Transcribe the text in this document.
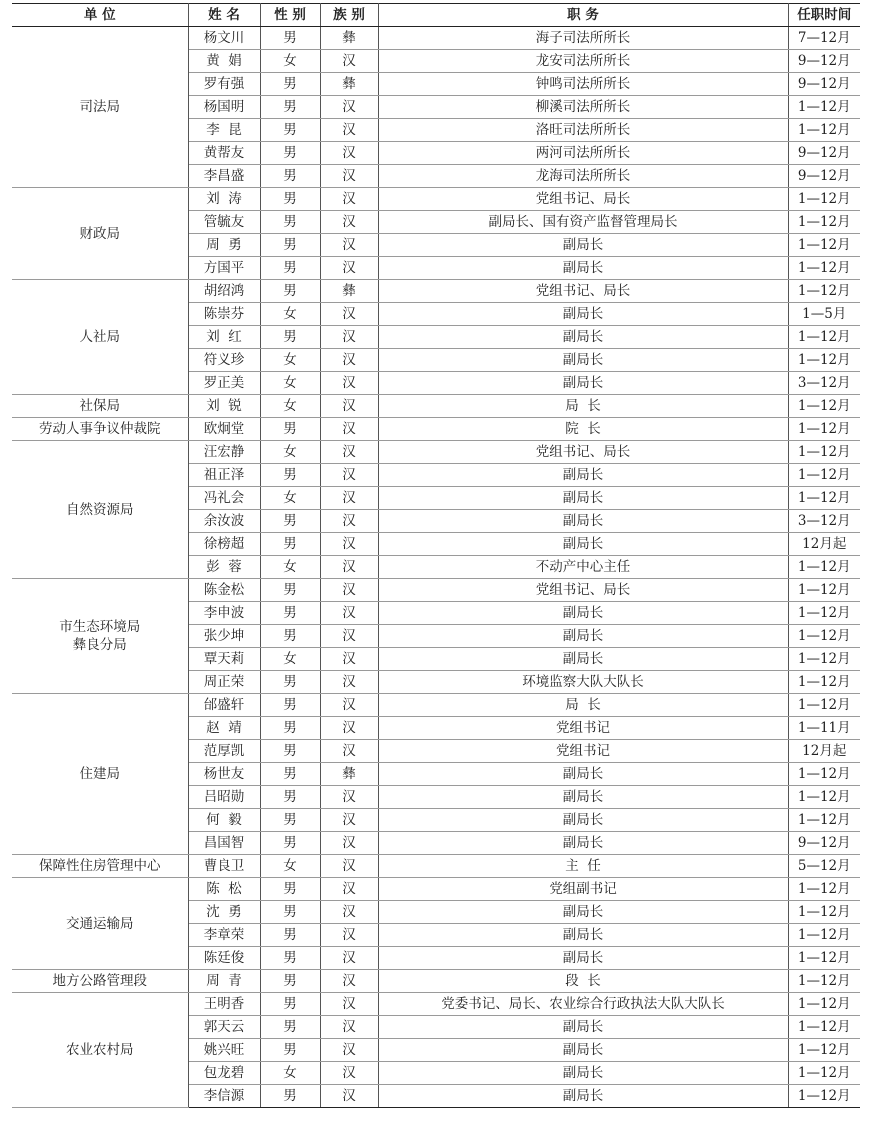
单 位	姓 名	性 别	族 别	职 务	任职时间

司法局	杨文川	男	彝	海子司法所所长	7—12月
	黄  娟	女	汉	龙安司法所所长	9—12月
	罗有强	男	彝	钟鸣司法所所长	9—12月
	杨国明	男	汉	柳溪司法所所长	1—12月
	李  昆	男	汉	洛旺司法所所长	1—12月
	黄帮友	男	汉	两河司法所所长	9—12月
	李昌盛	男	汉	龙海司法所所长	9—12月

财政局	刘  涛	男	汉	党组书记、局长	1—12月
	管毓友	男	汉	副局长、国有资产监督管理局长	1—12月
	周  勇	男	汉	副局长	1—12月
	方国平	男	汉	副局长	1—12月

人社局	胡绍鸿	男	彝	党组书记、局长	1—12月
	陈崇芬	女	汉	副局长	1—5月
	刘  红	男	汉	副局长	1—12月
	符义珍	女	汉	副局长	1—12月
	罗正美	女	汉	副局长	3—12月

社保局	刘  锐	女	汉	局  长	1—12月

劳动人事争议仲裁院	欧炯堂	男	汉	院  长	1—12月

自然资源局	汪宏静	女	汉	党组书记、局长	1—12月
	祖正泽	男	汉	副局长	1—12月
	冯礼会	女	汉	副局长	1—12月
	余汝波	男	汉	副局长	3—12月
	徐榜超	男	汉	副局长	12月起
	彭  蓉	女	汉	不动产中心主任	1—12月

市生态环境局
彝良分局	陈金松	男	汉	党组书记、局长	1—12月
	李申波	男	汉	副局长	1—12月
	张少坤	男	汉	副局长	1—12月
	覃天莉	女	汉	副局长	1—12月
	周正荣	男	汉	环境监察大队大队长	1—12月

住建局	邰盛轩	男	汉	局  长	1—12月
	赵  靖	男	汉	党组书记	1—11月
	范厚凯	男	汉	党组书记	12月起
	杨世友	男	彝	副局长	1—12月
	吕昭勋	男	汉	副局长	1—12月
	何  毅	男	汉	副局长	1—12月
	昌国智	男	汉	副局长	9—12月

保障性住房管理中心	曹良卫	女	汉	主  任	5—12月

交通运输局	陈  松	男	汉	党组副书记	1—12月
	沈  勇	男	汉	副局长	1—12月
	李章荣	男	汉	副局长	1—12月
	陈廷俊	男	汉	副局长	1—12月

地方公路管理段	周  青	男	汉	段  长	1—12月

农业农村局	王明香	男	汉	党委书记、局长、农业综合行政执法大队大队长	1—12月
	郭天云	男	汉	副局长	1—12月
	姚兴旺	男	汉	副局长	1—12月
	包龙碧	女	汉	副局长	1—12月
	李信源	男	汉	副局长	1—12月
